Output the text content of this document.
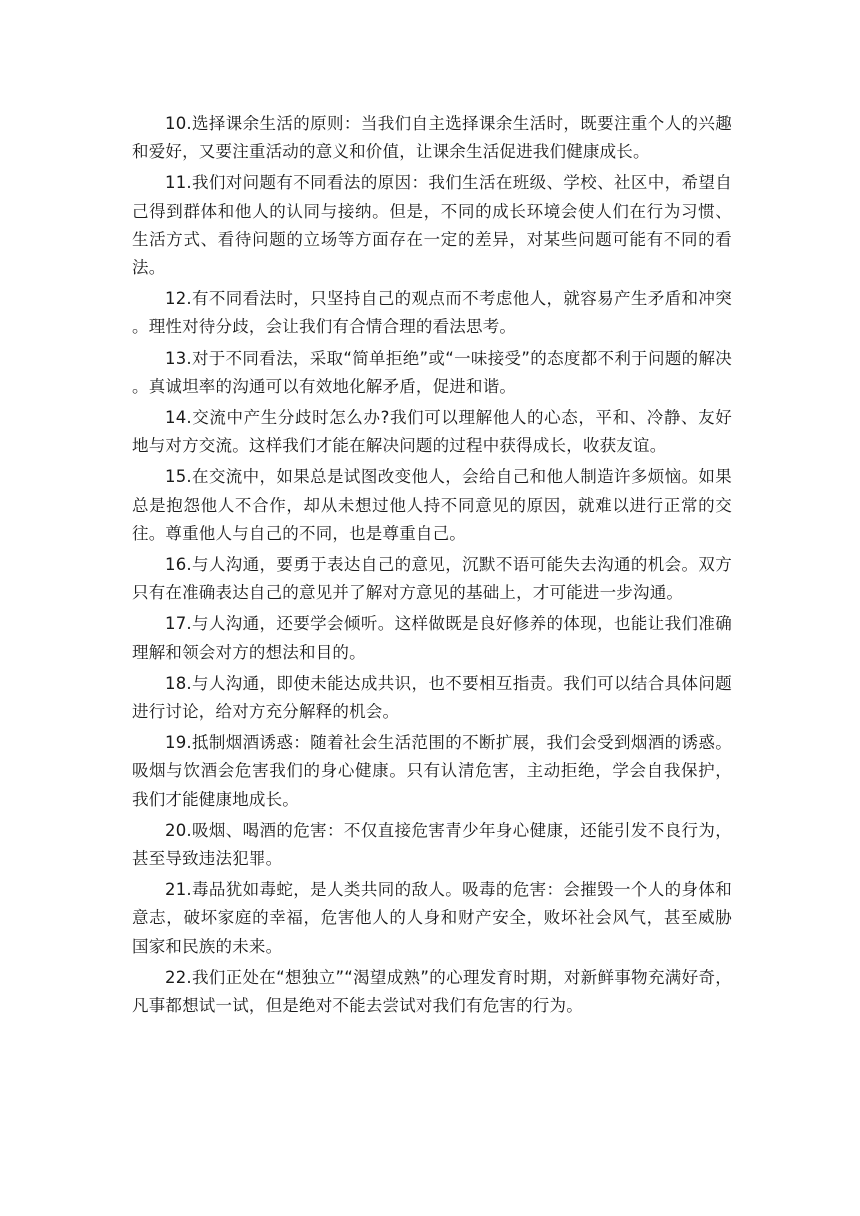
10.选择课余生活的原则：当我们自主选择课余生活时，既要注重个人的兴趣和爱好，又要注重活动的意义和价值，让课余生活促进我们健康成长。

11.我们对问题有不同看法的原因：我们生活在班级、学校、社区中，希望自己得到群体和他人的认同与接纳。但是，不同的成长环境会使人们在行为习惯、生活方式、看待问题的立场等方面存在一定的差异，对某些问题可能有不同的看法。

12.有不同看法时，只坚持自己的观点而不考虑他人，就容易产生矛盾和冲突。理性对待分歧，会让我们有合情合理的看法思考。

13.对于不同看法，采取“简单拒绝”或“一味接受”的态度都不利于问题的解决。真诚坦率的沟通可以有效地化解矛盾，促进和谐。

14.交流中产生分歧时怎么办?我们可以理解他人的心态，平和、冷静、友好地与对方交流。这样我们才能在解决问题的过程中获得成长，收获友谊。

15.在交流中，如果总是试图改变他人，会给自己和他人制造许多烦恼。如果总是抱怨他人不合作，却从未想过他人持不同意见的原因，就难以进行正常的交往。尊重他人与自己的不同，也是尊重自己。

16.与人沟通，要勇于表达自己的意见，沉默不语可能失去沟通的机会。双方只有在准确表达自己的意见并了解对方意见的基础上，才可能进一步沟通。

17.与人沟通，还要学会倾听。这样做既是良好修养的体现，也能让我们准确理解和领会对方的想法和目的。

18.与人沟通，即使未能达成共识，也不要相互指责。我们可以结合具体问题进行讨论，给对方充分解释的机会。

19.抵制烟酒诱惑：随着社会生活范围的不断扩展，我们会受到烟酒的诱惑。吸烟与饮酒会危害我们的身心健康。只有认清危害，主动拒绝，学会自我保护，我们才能健康地成长。

20.吸烟、喝酒的危害：不仅直接危害青少年身心健康，还能引发不良行为，甚至导致违法犯罪。

21.毒品犹如毒蛇，是人类共同的敌人。吸毒的危害：会摧毁一个人的身体和意志，破坏家庭的幸福，危害他人的人身和财产安全，败坏社会风气，甚至威胁国家和民族的未来。

22.我们正处在“想独立”“渴望成熟”的心理发育时期，对新鲜事物充满好奇，凡事都想试一试，但是绝对不能去尝试对我们有危害的行为。
